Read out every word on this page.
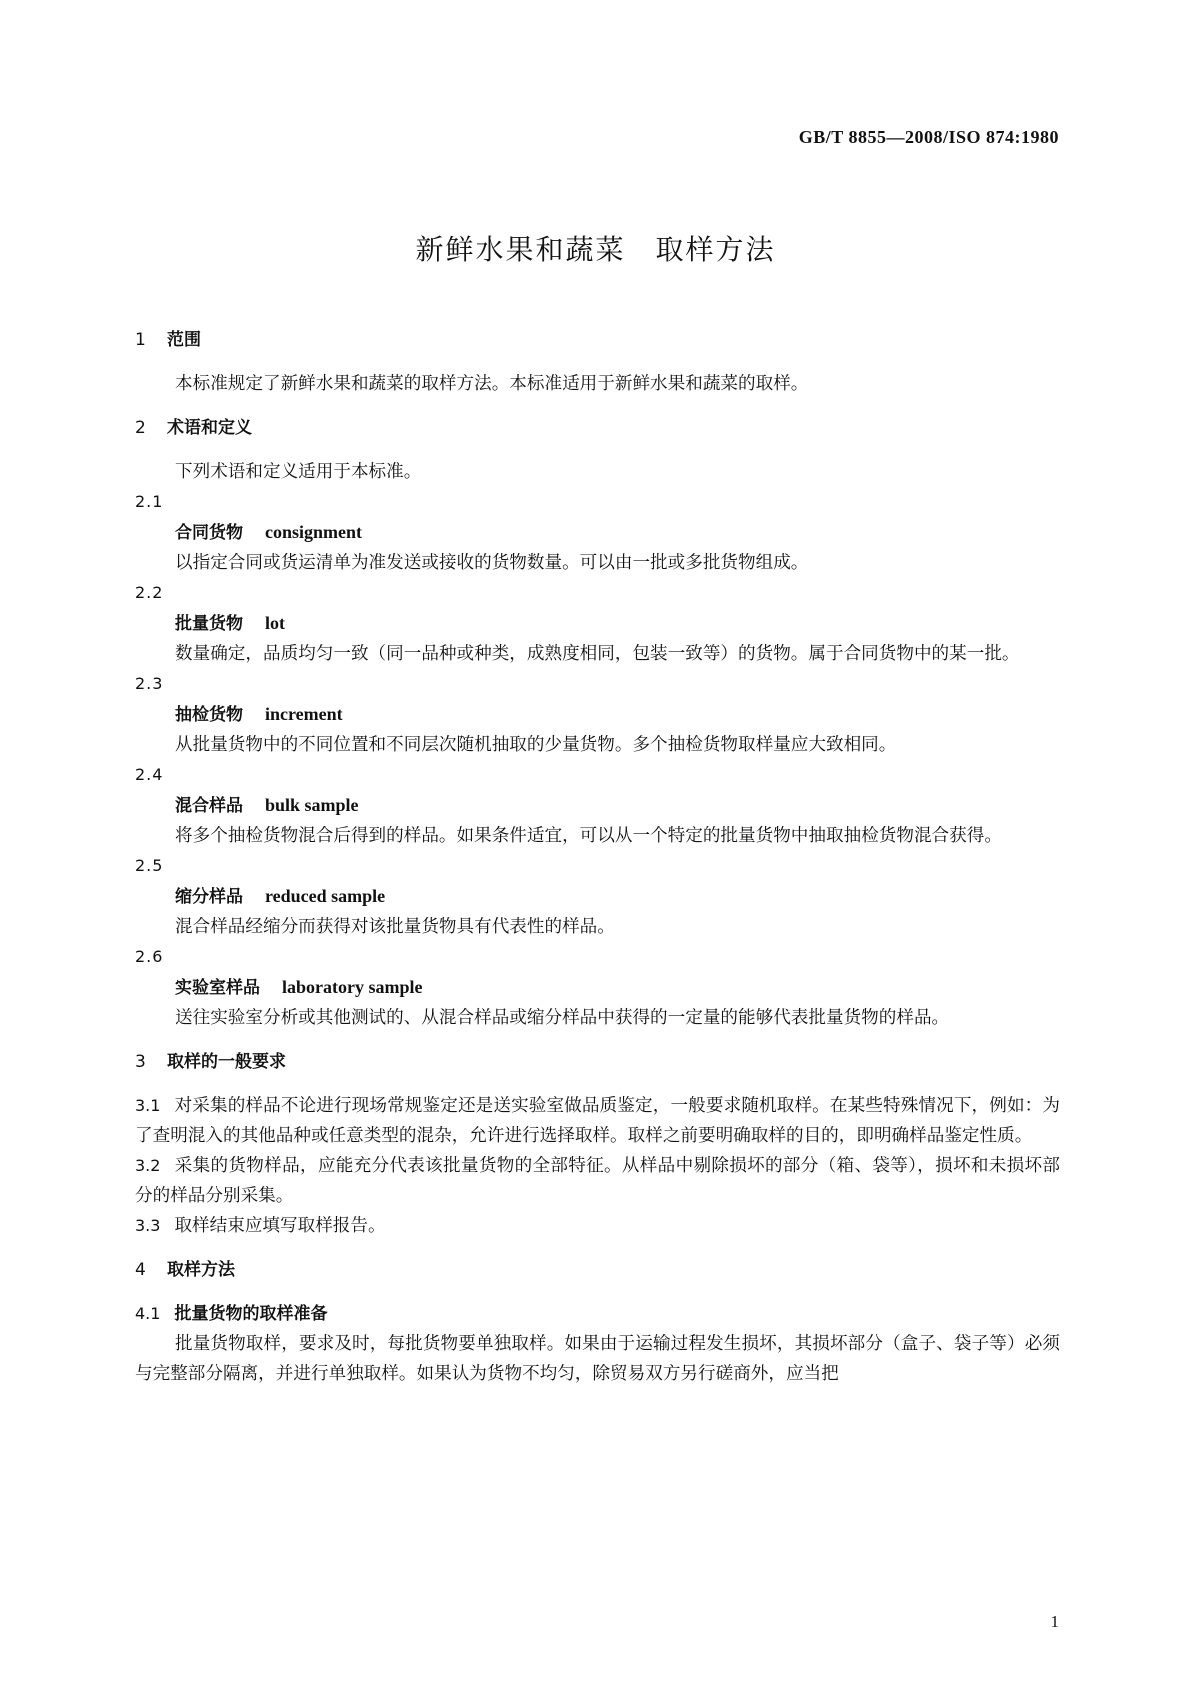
GB/T 8855—2008/ISO 874:1980
新鲜水果和蔬菜　取样方法
1 范围
本标准规定了新鲜水果和蔬菜的取样方法。本标准适用于新鲜水果和蔬菜的取样。
2 术语和定义
下列术语和定义适用于本标准。
2.1
合同货物 consignment
以指定合同或货运清单为准发送或接收的货物数量。可以由一批或多批货物组成。
2.2
批量货物 lot
数量确定，品质均匀一致（同一品种或种类，成熟度相同，包装一致等）的货物。属于合同货物中的某一批。
2.3
抽检货物 increment
从批量货物中的不同位置和不同层次随机抽取的少量货物。多个抽检货物取样量应大致相同。
2.4
混合样品 bulk sample
将多个抽检货物混合后得到的样品。如果条件适宜，可以从一个特定的批量货物中抽取抽检货物混合获得。
2.5
缩分样品 reduced sample
混合样品经缩分而获得对该批量货物具有代表性的样品。
2.6
实验室样品 laboratory sample
送往实验室分析或其他测试的、从混合样品或缩分样品中获得的一定量的能够代表批量货物的样品。
3 取样的一般要求
3.1 对采集的样品不论进行现场常规鉴定还是送实验室做品质鉴定，一般要求随机取样。在某些特殊情况下，例如：为了查明混入的其他品种或任意类型的混杂，允许进行选择取样。取样之前要明确取样的目的，即明确样品鉴定性质。
3.2 采集的货物样品，应能充分代表该批量货物的全部特征。从样品中剔除损坏的部分（箱、袋等），损坏和未损坏部分的样品分别采集。
3.3 取样结束应填写取样报告。
4 取样方法
4.1 批量货物的取样准备
批量货物取样，要求及时，每批货物要单独取样。如果由于运输过程发生损坏，其损坏部分（盒子、袋子等）必须与完整部分隔离，并进行单独取样。如果认为货物不均匀，除贸易双方另行磋商外，应当把
1
